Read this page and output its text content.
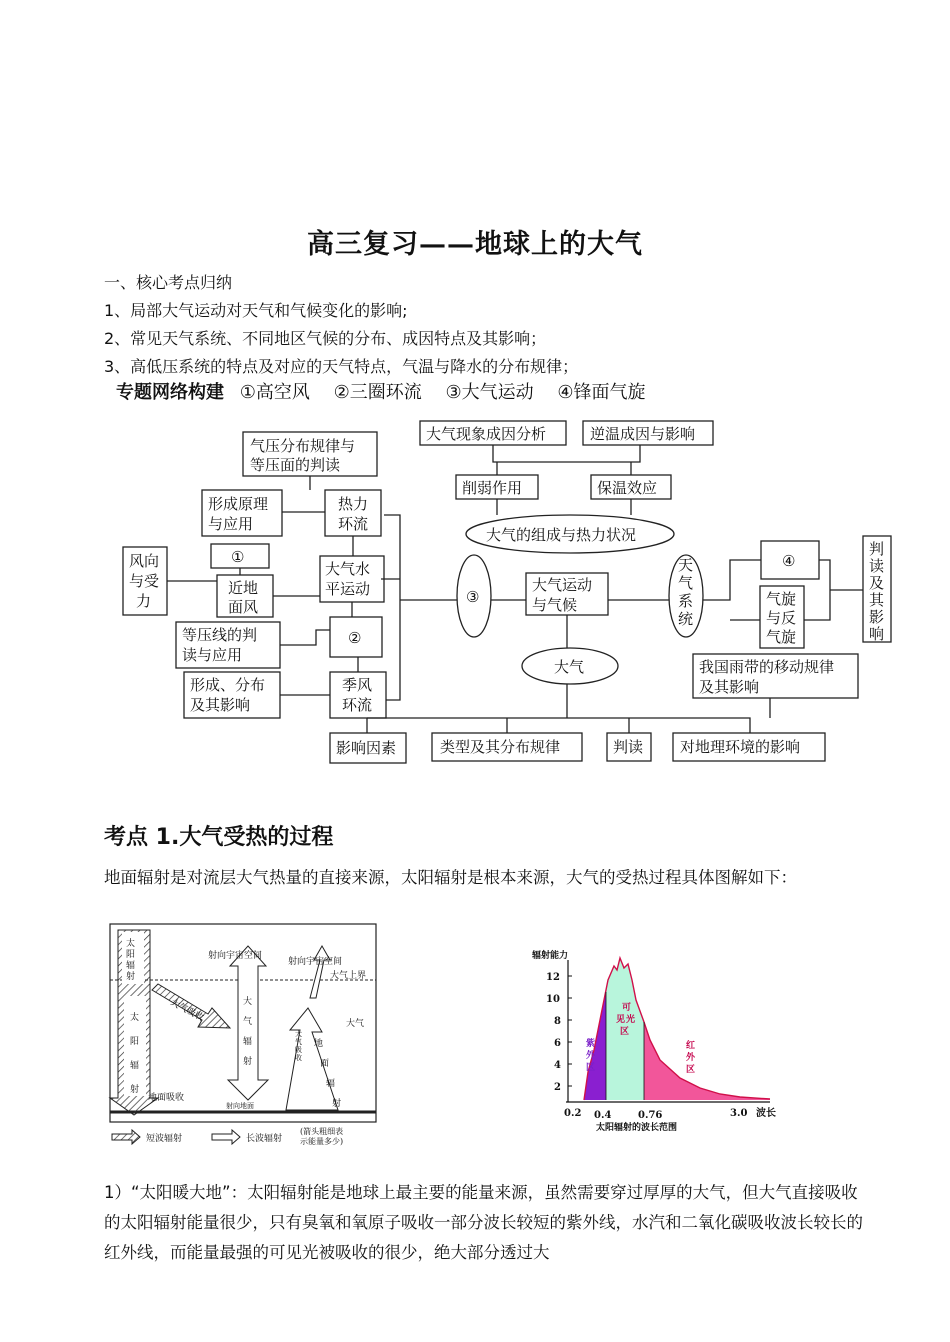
高三复习——地球上的大气
一、核心考点归纳
1、局部大气运动对天气和气候变化的影响;
2、常见天气系统、不同地区气候的分布、成因特点及其影响；
3、高低压系统的特点及对应的天气特点，气温与降水的分布规律；
专题网络构建 ①高空风 ②三圈环流 ③大气运动 ④锋面气旋
气压分布规律与
等压面的判读
形成原理
与应用
热力
环流
风向
与受
力
①
近地
面风
大气水
平运动
等压线的判
读与应用
②
形成、分布
及其影响
季风
环流
③
大气现象成因分析	逆温成因与影响
削弱作用	保温效应
大气的组成与热力状况
大气运动
与气候
大气
天
气
系
统
④
气旋
与反
气旋
判
读
及
其
影
响
我国雨带的移动规律
及其影响
影响因素	类型及其分布规律	判读 对地理环境的影响
考点 1.大气受热的过程
地面辐射是对流层大气热量的直接来源，太阳辐射是根本来源，大气的受热过程具体图解如下：
太
阳
辐
射
太
阳
辐
射
射向宇宙空间
射向宇宙空间
大气上界
大气吸收	大
气
辐
射
射向地面
大
气
吸
收
地
面
辐
射
大气
地面吸收
短波辐射	长波辐射
(箭头粗细表
示能量多少)
辐射能力
2
4
6
8
10
12
0.2 0.4	0.76	3.0 波长
太阳辐射的波长范围
紫
外
区
可
见 光
区
红
外
区
1）“太阳暖大地”：太阳辐射能是地球上最主要的能量来源，虽然需要穿过厚厚的大气，但大气直接吸收的太阳辐射能量很少，只有臭氧和氧原子吸收一部分波长较短的紫外线，水汽和二氧化碳吸收波长较长的红外线，而能量最强的可见光被吸收的很少，绝大部分透过大
